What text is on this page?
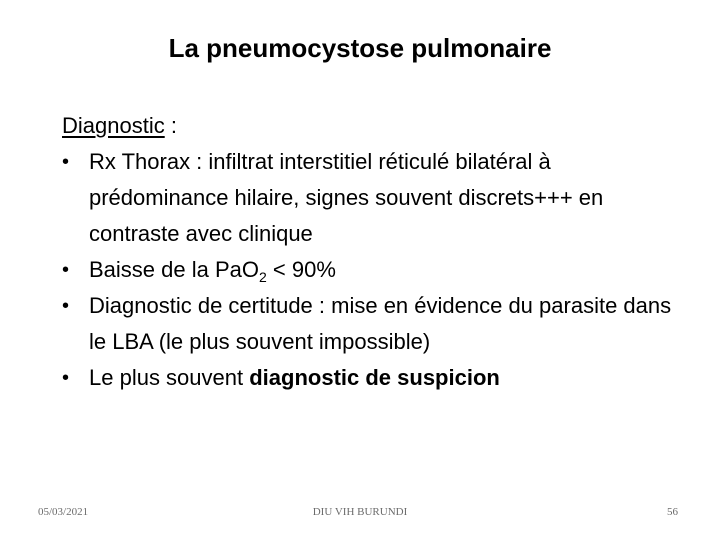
La pneumocystose pulmonaire

Diagnostic :

• Rx Thorax : infiltrat interstitiel réticulé bilatéral à prédominance hilaire, signes souvent discrets+++ en contraste avec clinique
• Baisse de la PaO$_2$ < 90%
• Diagnostic de certitude : mise en évidence du parasite dans le LBA (le plus souvent impossible)
• Le plus souvent diagnostic de suspicion
05/03/2021	DIU VIH BURUNDI	56
